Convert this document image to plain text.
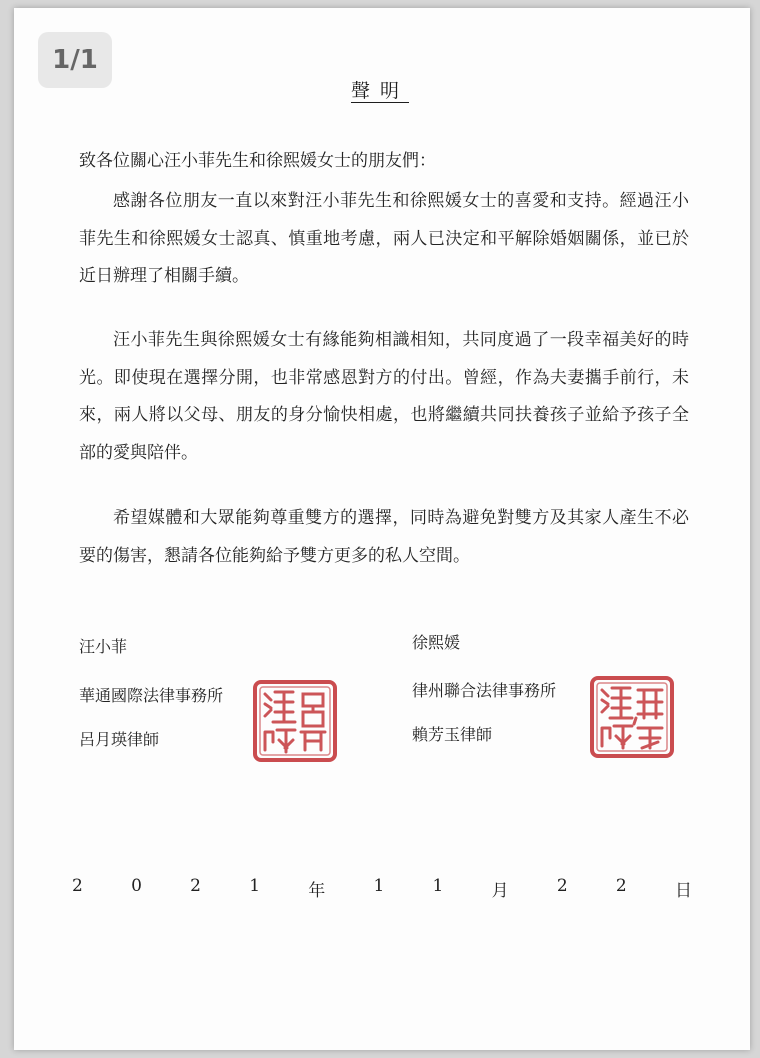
1/1
聲明
致各位關心汪小菲先生和徐熙媛女士的朋友們：

感謝各位朋友一直以來對汪小菲先生和徐熙媛女士的喜愛和支持。經過汪小菲先生和徐熙媛女士認真、慎重地考慮，兩人已決定和平解除婚姻關係，並已於近日辦理了相關手續。

汪小菲先生與徐熙媛女士有緣能夠相識相知，共同度過了一段幸福美好的時光。即使現在選擇分開，也非常感恩對方的付出。曾經，作為夫妻攜手前行，未來，兩人將以父母、朋友的身分愉快相處，也將繼續共同扶養孩子並給予孩子全部的愛與陪伴。

希望媒體和大眾能夠尊重雙方的選擇，同時為避免對雙方及其家人產生不必要的傷害，懇請各位能夠給予雙方更多的私人空間。

汪小菲
華通國際法律事務所
呂月瑛律師
徐熙媛
律州聯合法律事務所
賴芳玉律師
2	0	2	1	年	1	1	月	2	2	日
